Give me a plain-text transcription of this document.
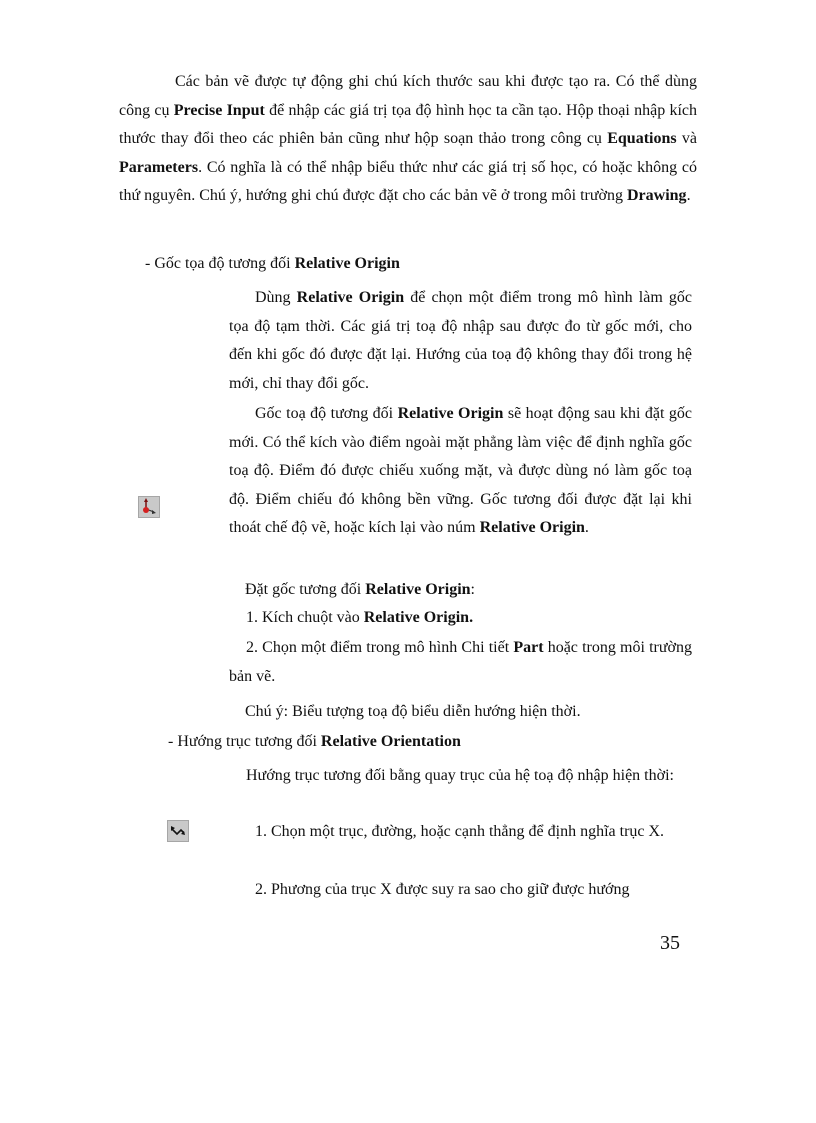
Các bản vẽ được tự động ghi chú kích thước sau khi được tạo ra. Có thể dùng công cụ Precise Input để nhập các giá trị tọa độ hình học ta cần tạo. Hộp thoại nhập kích thước thay đổi theo các phiên bản cũng như hộp soạn thảo trong công cụ Equations và Parameters. Có nghĩa là có thể nhập biểu thức như các giá trị số học, có hoặc không có thứ nguyên. Chú ý, hướng ghi chú được đặt cho các bản vẽ ở trong môi trường Drawing.

- Gốc tọa độ tương đối Relative Origin

Dùng Relative Origin để chọn một điểm trong mô hình làm gốc tọa độ tạm thời. Các giá trị toạ độ nhập sau được đo từ gốc mới, cho đến khi gốc đó được đặt lại. Hướng của toạ độ không thay đổi trong hệ mới, chỉ thay đổi gốc.

Gốc toạ độ tương đối Relative Origin sẽ hoạt động sau khi đặt gốc mới. Có thể kích vào điểm ngoài mặt phẳng làm việc để định nghĩa gốc toạ độ. Điểm đó được chiếu xuống mặt, và được dùng nó làm gốc toạ độ. Điểm chiếu đó không bền vững. Gốc tương đối được đặt lại khi thoát chế độ vẽ, hoặc kích lại vào núm Relative Origin.

Đặt gốc tương đối Relative Origin:

1. Kích chuột vào Relative Origin.

2. Chọn một điểm trong mô hình Chi tiết Part hoặc trong môi trường bản vẽ.

Chú ý: Biểu tượng toạ độ biểu diễn hướng hiện thời.

- Hướng trục tương đối Relative Orientation

Hướng trục tương đối bằng quay trục của hệ toạ độ nhập hiện thời:

1. Chọn một trục, đường, hoặc cạnh thẳng để định nghĩa trục X.

2. Phương của trục X được suy ra sao cho giữ được hướng

35
